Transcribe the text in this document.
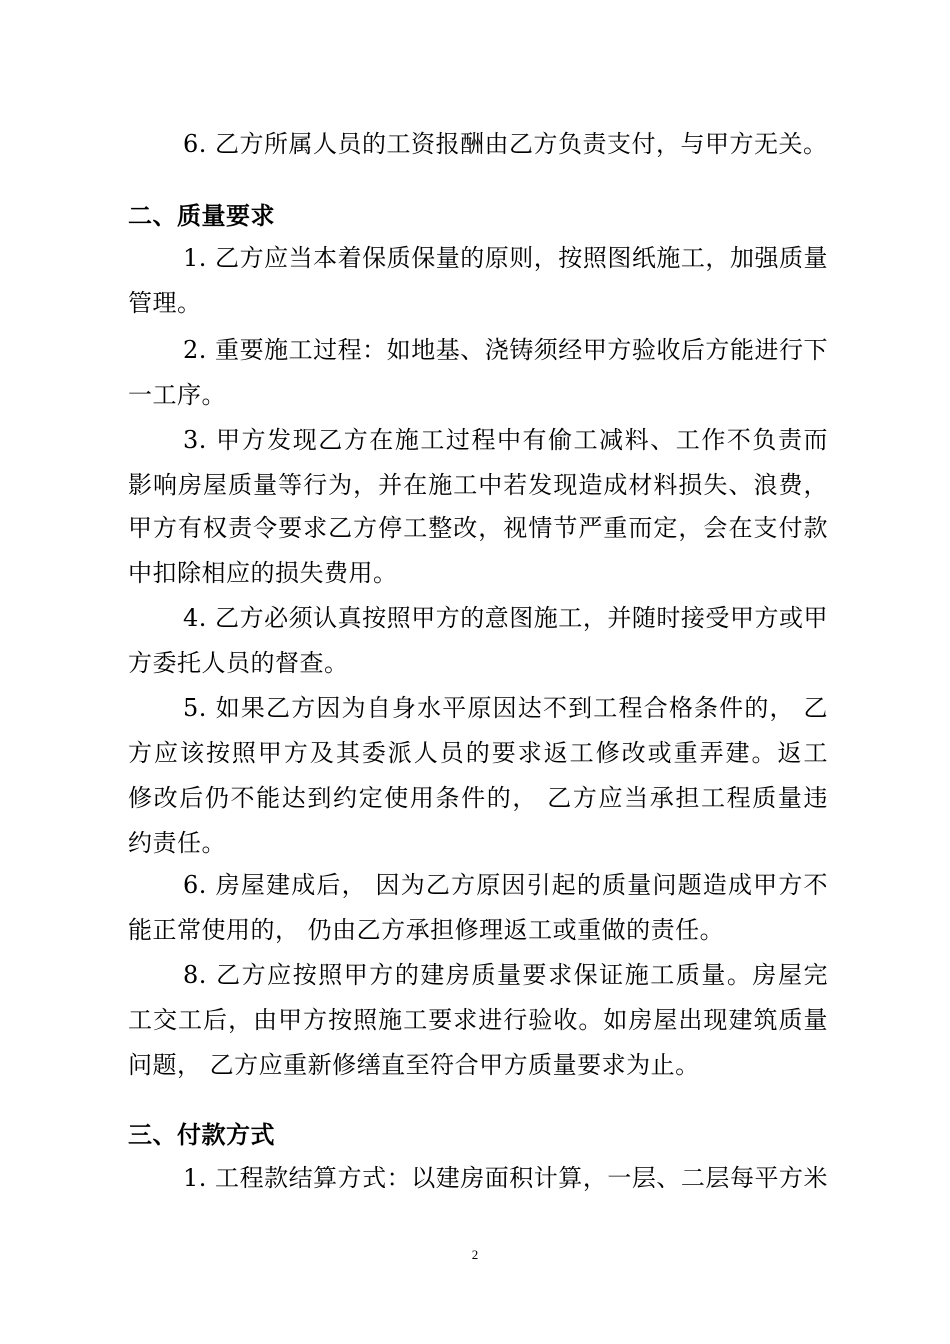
6. 乙方所属人员的工资报酬由乙方负责支付，与甲方无关。
二、质量要求
1. 乙方应当本着保质保量的原则，按照图纸施工，加强质量
管理。
2. 重要施工过程：如地基、浇铸须经甲方验收后方能进行下
一工序。
3. 甲方发现乙方在施工过程中有偷工减料、工作不负责而
影响房屋质量等行为，并在施工中若发现造成材料损失、浪费，
甲方有权责令要求乙方停工整改，视情节严重而定，会在支付款
中扣除相应的损失费用。
4. 乙方必须认真按照甲方的意图施工，并随时接受甲方或甲
方委托人员的督查。
5. 如果乙方因为自身水平原因达不到工程合格条件的， 乙
方应该按照甲方及其委派人员的要求返工修改或重弄建。返工
修改后仍不能达到约定使用条件的， 乙方应当承担工程质量违
约责任。
6. 房屋建成后， 因为乙方原因引起的质量问题造成甲方不
能正常使用的， 仍由乙方承担修理返工或重做的责任。
8. 乙方应按照甲方的建房质量要求保证施工质量。房屋完
工交工后，由甲方按照施工要求进行验收。如房屋出现建筑质量
问题， 乙方应重新修缮直至符合甲方质量要求为止。
三、付款方式
1. 工程款结算方式：以建房面积计算，一层、二层每平方米
2
